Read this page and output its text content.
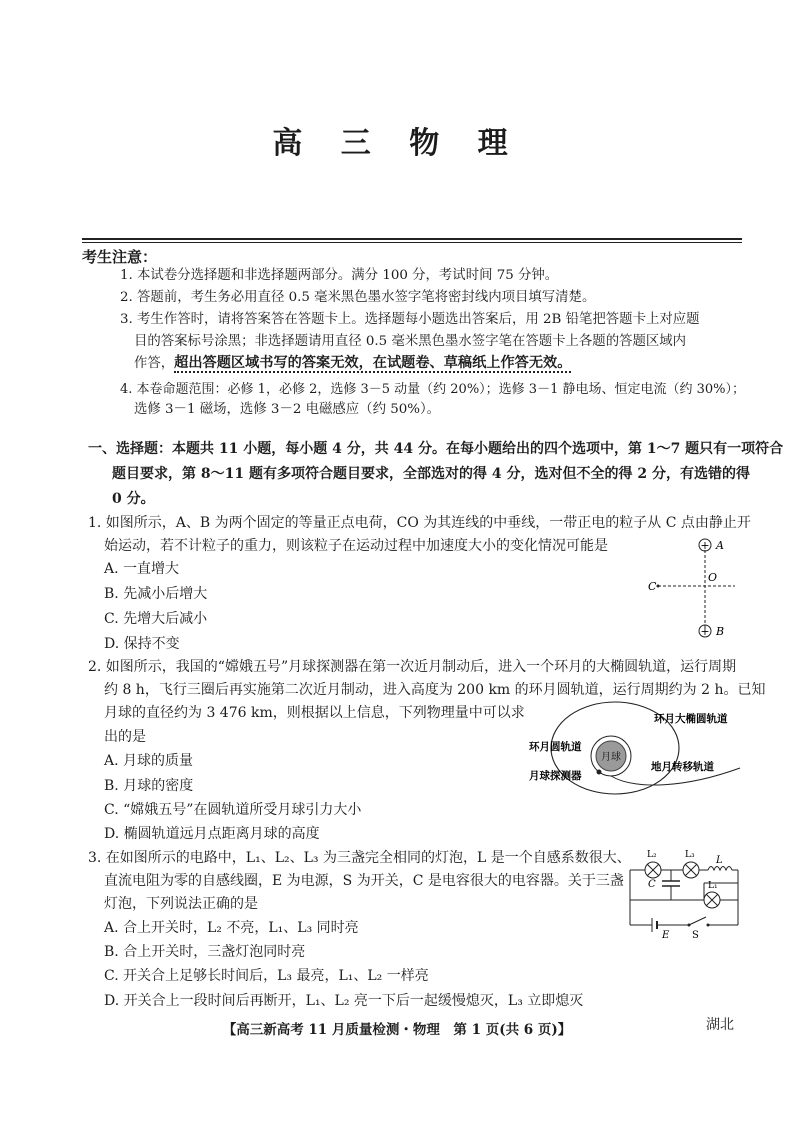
高 三 物 理
考生注意：
1. 本试卷分选择题和非选择题两部分。满分 100 分，考试时间 75 分钟。
2. 答题前，考生务必用直径 0.5 毫米黑色墨水签字笔将密封线内项目填写清楚。
3. 考生作答时，请将答案答在答题卡上。选择题每小题选出答案后，用 2B 铅笔把答题卡上对应题
目的答案标号涂黑；非选择题请用直径 0.5 毫米黑色墨水签字笔在答题卡上各题的答题区域内
作答，超出答题区域书写的答案无效，在试题卷、草稿纸上作答无效。
4. 本卷命题范围：必修 1，必修 2，选修 3－5 动量（约 20%）；选修 3－1 静电场、恒定电流（约 30%）；
选修 3－1 磁场，选修 3－2 电磁感应（约 50%）。
一、选择题：本题共 11 小题，每小题 4 分，共 44 分。在每小题给出的四个选项中，第 1～7 题只有一项符合
题目要求，第 8～11 题有多项符合题目要求，全部选对的得 4 分，选对但不全的得 2 分，有选错的得
0 分。
1. 如图所示，A、B 为两个固定的等量正点电荷，CO 为其连线的中垂线，一带正电的粒子从 C 点由静止开
始运动，若不计粒子的重力，则该粒子在运动过程中加速度大小的变化情况可能是
A. 一直增大
B. 先减小后增大
C. 先增大后减小
D. 保持不变
+ A
+ B
C
O
2. 如图所示，我国的“嫦娥五号”月球探测器在第一次近月制动后，进入一个环月的大椭圆轨道，运行周期
约 8 h，飞行三圈后再实施第二次近月制动，进入高度为 200 km 的环月圆轨道，运行周期约为 2 h。已知
月球的直径约为 3 476 km，则根据以上信息，下列物理量中可以求
出的是
A. 月球的质量
B. 月球的密度
C. “嫦娥五号”在圆轨道所受月球引力大小
D. 椭圆轨道远月点距离月球的高度
月球
环月大椭圆轨道
环月圆轨道
地月转移轨道
月球探测器
3. 在如图所示的电路中，L₁、L₂、L₃ 为三盏完全相同的灯泡，L 是一个自感系数很大、
直流电阻为零的自感线圈，E 为电源，S 为开关，C 是电容很大的电容器。关于三盏
灯泡，下列说法正确的是
A. 合上开关时，L₂ 不亮，L₁、L₃ 同时亮
B. 合上开关时，三盏灯泡同时亮
C. 开关合上足够长时间后，L₃ 最亮，L₁、L₂ 一样亮
D. 开关合上一段时间后再断开，L₁、L₂ 亮一下后一起缓慢熄灭，L₃ 立即熄灭
L₂	L₃ L
L₁
C
E S
【高三新高考 11 月质量检测・物理　第 1 页(共 6 页)】	湖北
